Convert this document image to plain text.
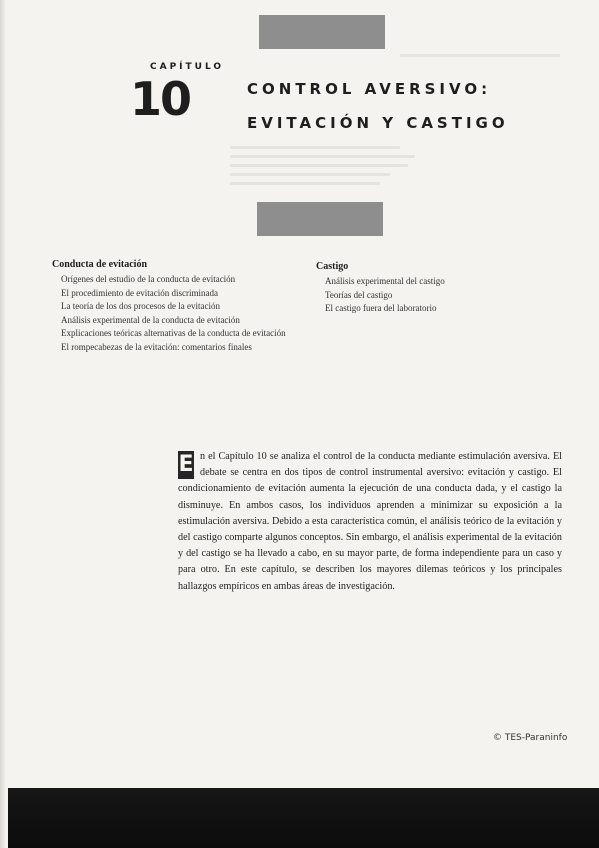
CAPÍTULO
10	CONTROL AVERSIVO:
EVITACIÓN Y CASTIGO
Conducta de evitación
Orígenes del estudio de la conducta de evitación
El procedimiento de evitación discriminada
La teoría de los dos procesos de la evitación
Análisis experimental de la conducta de evitación
Explicaciones teóricas alternativas de la conducta de evitación
El rompecabezas de la evitación: comentarios finales
Castigo
Análisis experimental del castigo
Teorías del castigo
El castigo fuera del laboratorio
E n el Capítulo 10 se analiza el control de la conducta mediante estimulación aversiva. El debate se centra en dos tipos de control instrumental aversivo: evitación y castigo. El condicionamiento de evitación aumenta la ejecución de una conducta dada, y el castigo la disminuye. En ambos casos, los individuos aprenden a minimizar su exposición a la estimulación aversiva. Debido a esta característica común, el análisis teórico de la evitación y del castigo comparte algunos conceptos. Sin embargo, el análisis experimental de la evitación y del castigo se ha llevado a cabo, en su mayor parte, de forma independiente para un caso y para otro. En este capítulo, se describen los mayores dilemas teóricos y los principales hallazgos empíricos en ambas áreas de investigación.
© TES-Paraninfo
